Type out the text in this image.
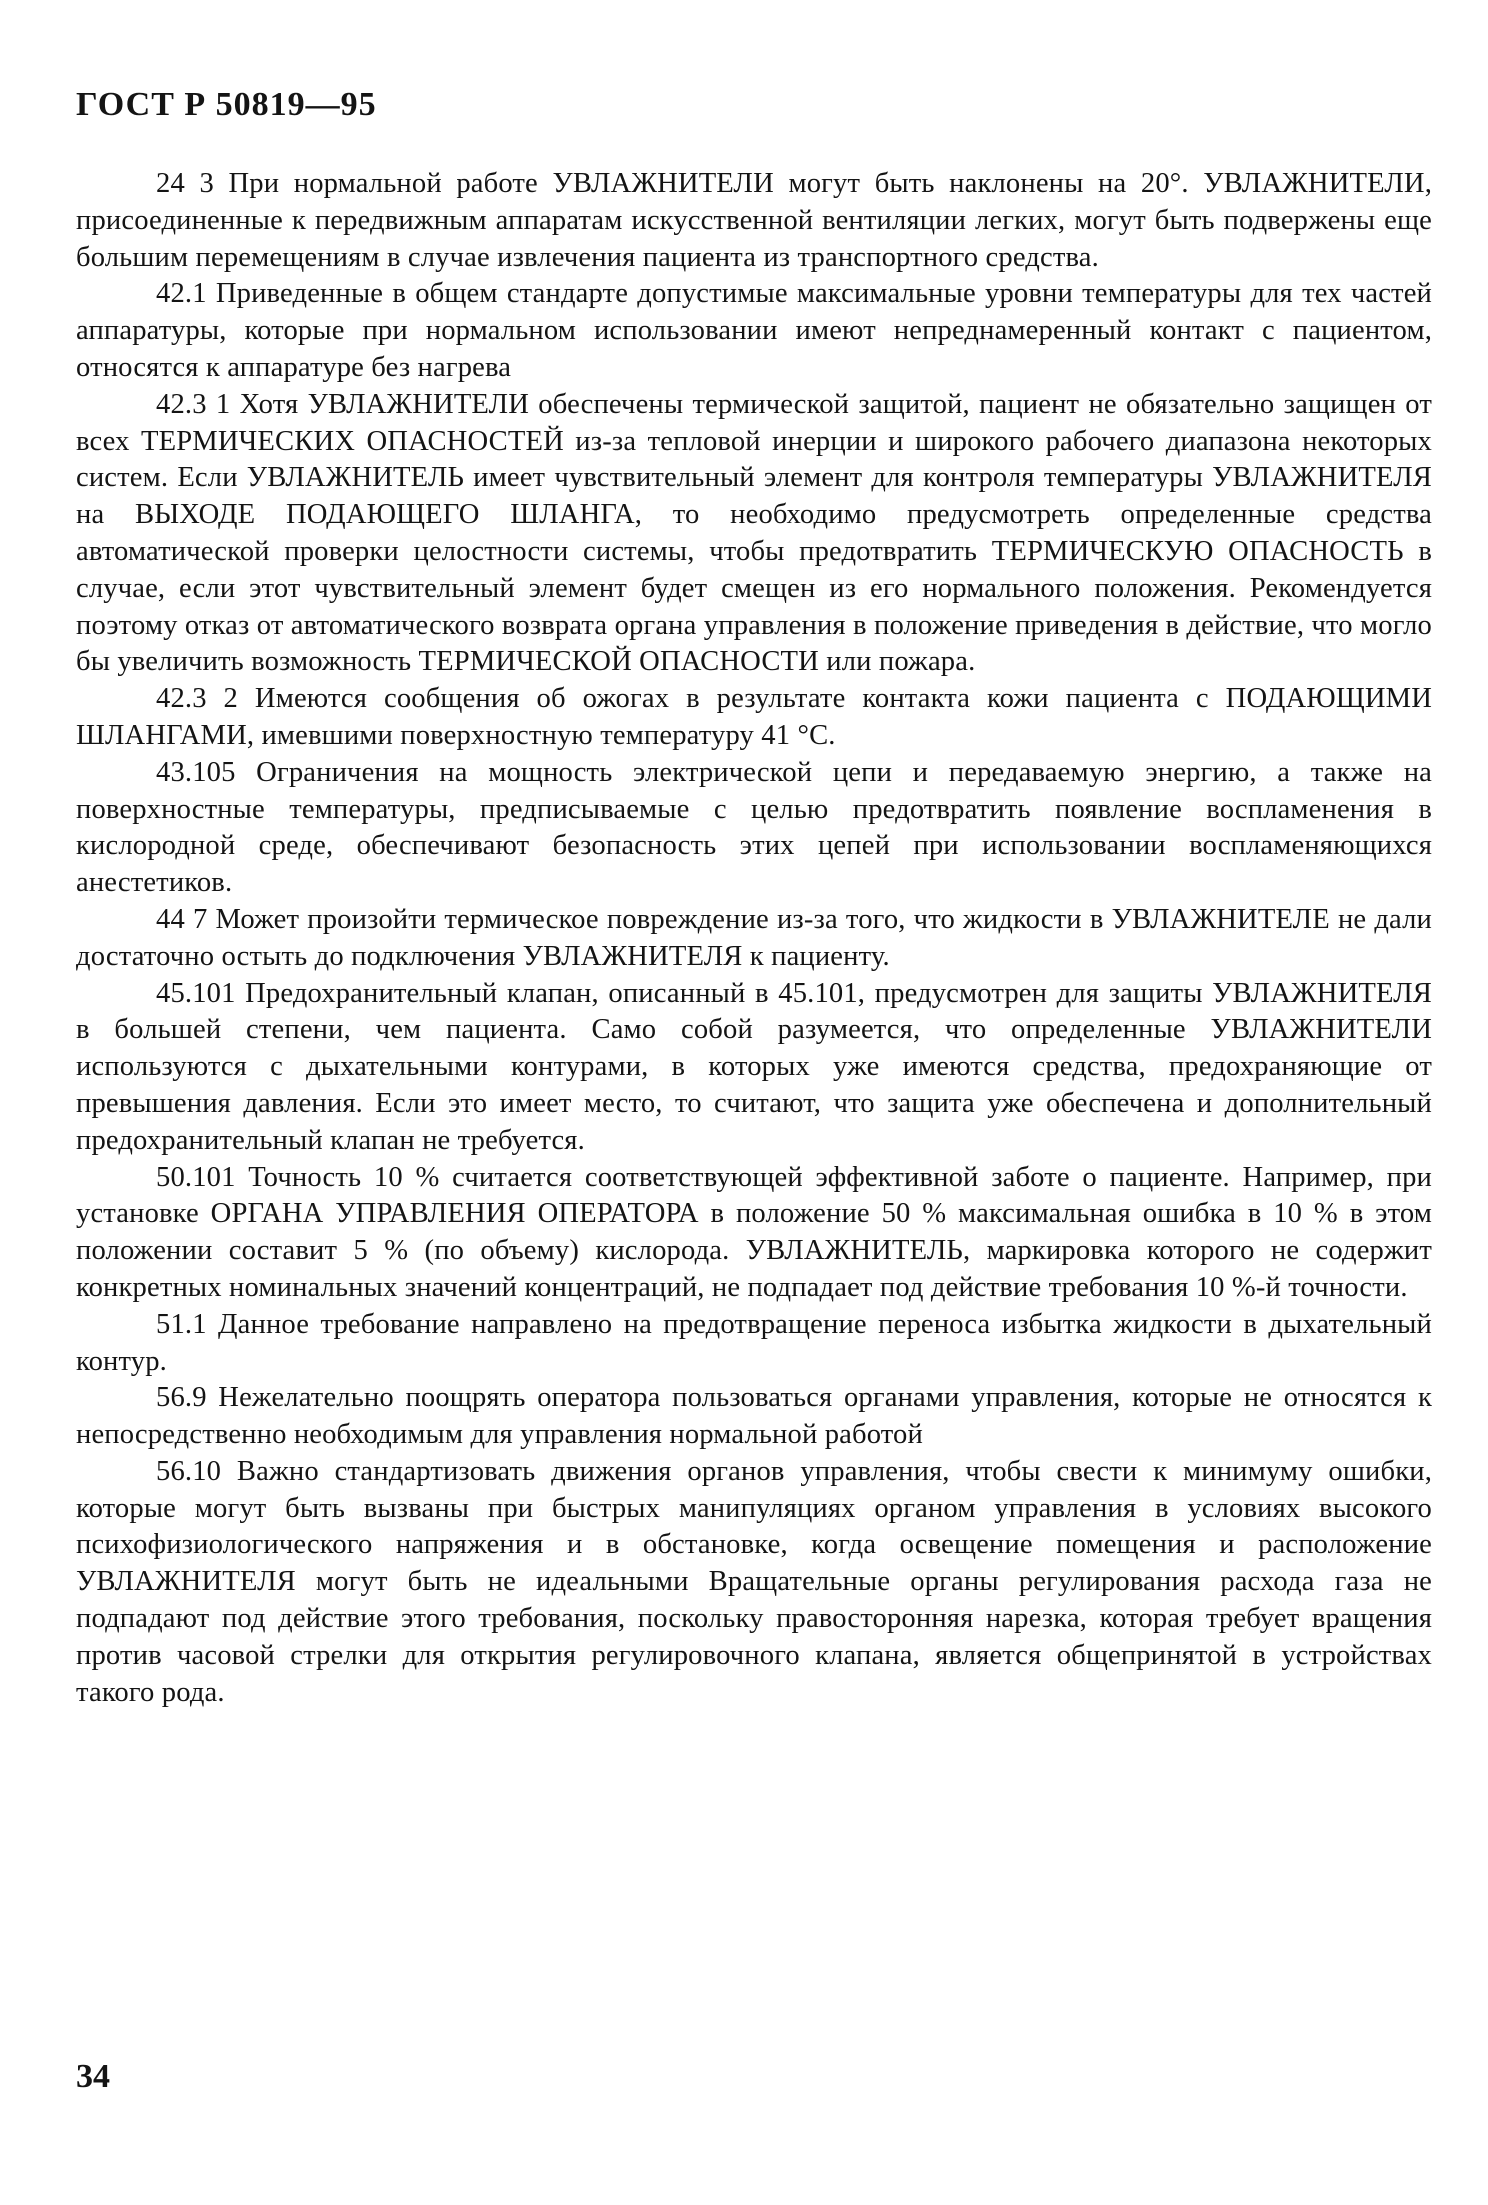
ГОСТ Р 50819—95

24 3 При нормальной работе УВЛАЖНИТЕЛИ могут быть наклонены на 20°. УВЛАЖНИТЕЛИ, присоединенные к передвижным аппаратам искусственной вентиляции легких, могут быть подвержены еще большим перемещениям в случае извлечения пациента из транспортного средства.

42.1 Приведенные в общем стандарте допустимые максимальные уровни температуры для тех частей аппаратуры, которые при нормальном использовании имеют непреднамеренный контакт с пациентом, относятся к аппаратуре без нагрева

42.3 1 Хотя УВЛАЖНИТЕЛИ обеспечены термической защитой, пациент не обязательно защищен от всех ТЕРМИЧЕСКИХ ОПАСНОСТЕЙ из-за тепловой инерции и широкого рабочего диапазона некоторых систем. Если УВЛАЖНИТЕЛЬ имеет чувствительный элемент для контроля температуры УВЛАЖНИТЕЛЯ на ВЫХОДЕ ПОДАЮЩЕГО ШЛАНГА, то необходимо предусмотреть определенные средства автоматической проверки целостности системы, чтобы предотвратить ТЕРМИЧЕСКУЮ ОПАСНОСТЬ в случае, если этот чувствительный элемент будет смещен из его нормального положения. Рекомендуется поэтому отказ от автоматического возврата органа управления в положение приведения в действие, что могло бы увеличить возможность ТЕРМИЧЕСКОЙ ОПАСНОСТИ или пожара.

42.3 2 Имеются сообщения об ожогах в результате контакта кожи пациента с ПОДАЮЩИМИ ШЛАНГАМИ, имевшими поверхностную температуру 41 °С.

43.105 Ограничения на мощность электрической цепи и передаваемую энергию, а также на поверхностные температуры, предписываемые с целью предотвратить появление воспламенения в кислородной среде, обеспечивают безопасность этих цепей при использовании воспламеняющихся анестетиков.

44 7 Может произойти термическое повреждение из-за того, что жидкости в УВЛАЖНИТЕЛЕ не дали достаточно остыть до подключения УВЛАЖНИТЕЛЯ к пациенту.

45.101 Предохранительный клапан, описанный в 45.101, предусмотрен для защиты УВЛАЖНИТЕЛЯ в большей степени, чем пациента. Само собой разумеется, что определенные УВЛАЖНИТЕЛИ используются с дыхательными контурами, в которых уже имеются средства, предохраняющие от превышения давления. Если это имеет место, то считают, что защита уже обеспечена и дополнительный предохранительный клапан не требуется.

50.101 Точность 10 % считается соответствующей эффективной заботе о пациенте. Например, при установке ОРГАНА УПРАВЛЕНИЯ ОПЕРАТОРА в положение 50 % максимальная ошибка в 10 % в этом положении составит 5 % (по объему) кислорода. УВЛАЖНИТЕЛЬ, маркировка которого не содержит конкретных номинальных значений концентраций, не подпадает под действие требования 10 %-й точности.

51.1 Данное требование направлено на предотвращение переноса избытка жидкости в дыхательный контур.

56.9 Нежелательно поощрять оператора пользоваться органами управления, которые не относятся к непосредственно необходимым для управления нормальной работой

56.10 Важно стандартизовать движения органов управления, чтобы свести к минимуму ошибки, которые могут быть вызваны при быстрых манипуляциях органом управления в условиях высокого психофизиологического напряжения и в обстановке, когда освещение помещения и расположение УВЛАЖНИТЕЛЯ могут быть не идеальными Вращательные органы регулирования расхода газа не подпадают под действие этого требования, поскольку правосторонняя нарезка, которая требует вращения против часовой стрелки для открытия регулировочного клапана, является общепринятой в устройствах такого рода.

34
